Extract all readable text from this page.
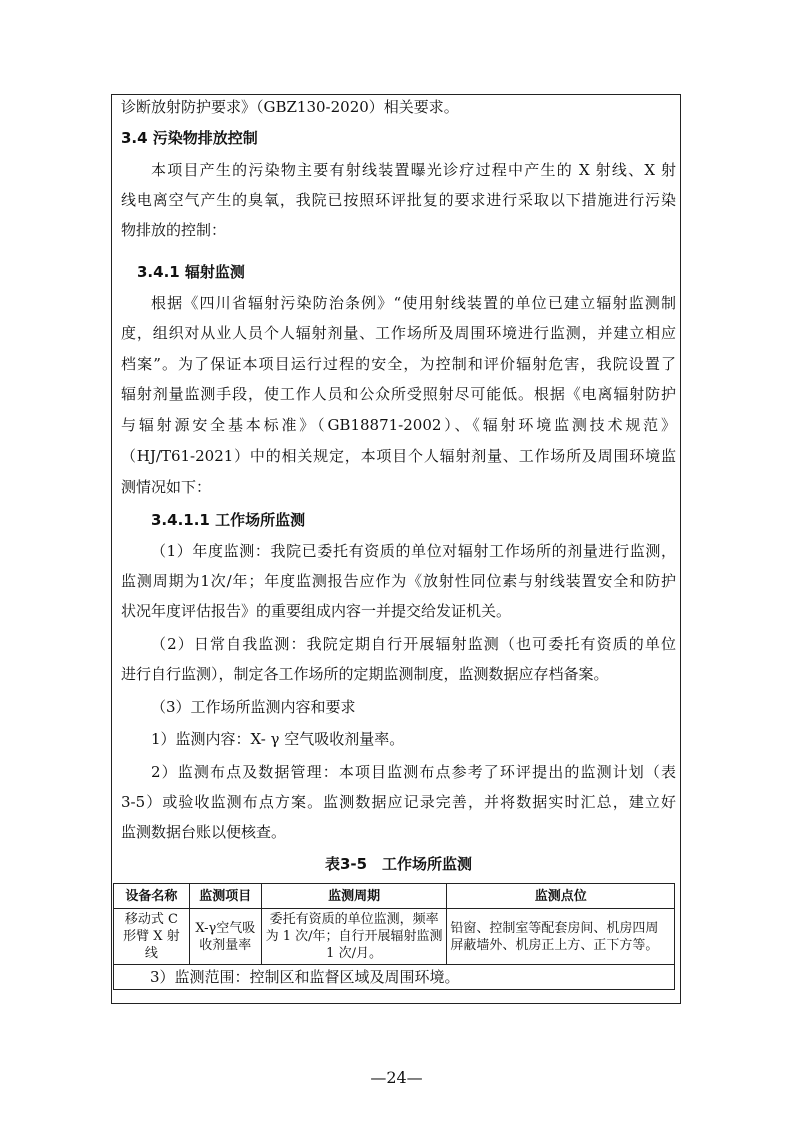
诊断放射防护要求》（GBZ130-2020）相关要求。
3.4 污染物排放控制
本项目产生的污染物主要有射线装置曝光诊疗过程中产生的 X 射线、X 射
线电离空气产生的臭氧，我院已按照环评批复的要求进行采取以下措施进行污染
物排放的控制：
3.4.1 辐射监测
根据《四川省辐射污染防治条例》“使用射线装置的单位已建立辐射监测制
度，组织对从业人员个人辐射剂量、工作场所及周围环境进行监测，并建立相应
档案”。为了保证本项目运行过程的安全，为控制和评价辐射危害，我院设置了
辐射剂量监测手段，使工作人员和公众所受照射尽可能低。根据《电离辐射防护
与辐射源安全基本标准》（GB18871-2002）、《辐射环境监测技术规范》
（HJ/T61-2021）中的相关规定，本项目个人辐射剂量、工作场所及周围环境监
测情况如下：
3.4.1.1 工作场所监测
（1）年度监测：我院已委托有资质的单位对辐射工作场所的剂量进行监测，
监测周期为1次/年；年度监测报告应作为《放射性同位素与射线装置安全和防护
状况年度评估报告》的重要组成内容一并提交给发证机关。
（2）日常自我监测：我院定期自行开展辐射监测（也可委托有资质的单位
进行自行监测），制定各工作场所的定期监测制度，监测数据应存档备案。
（3）工作场所监测内容和要求
1）监测内容：X- γ 空气吸收剂量率。
2）监测布点及数据管理：本项目监测布点参考了环评提出的监测计划（表
3-5）或验收监测布点方案。监测数据应记录完善，并将数据实时汇总，建立好
监测数据台账以便核查。
表3-5　工作场所监测
设备名称	监测项目	监测周期	监测点位
移动式 C 形臂 X 射线	X-γ空气吸收剂量率	委托有资质的单位监测，频率为 1 次/年；自行开展辐射监测 1 次/月。	铅窗、控制室等配套房间、机房四周屏蔽墙外、机房正上方、正下方等。
3）监测范围：控制区和监督区域及周围环境。			
—24—
